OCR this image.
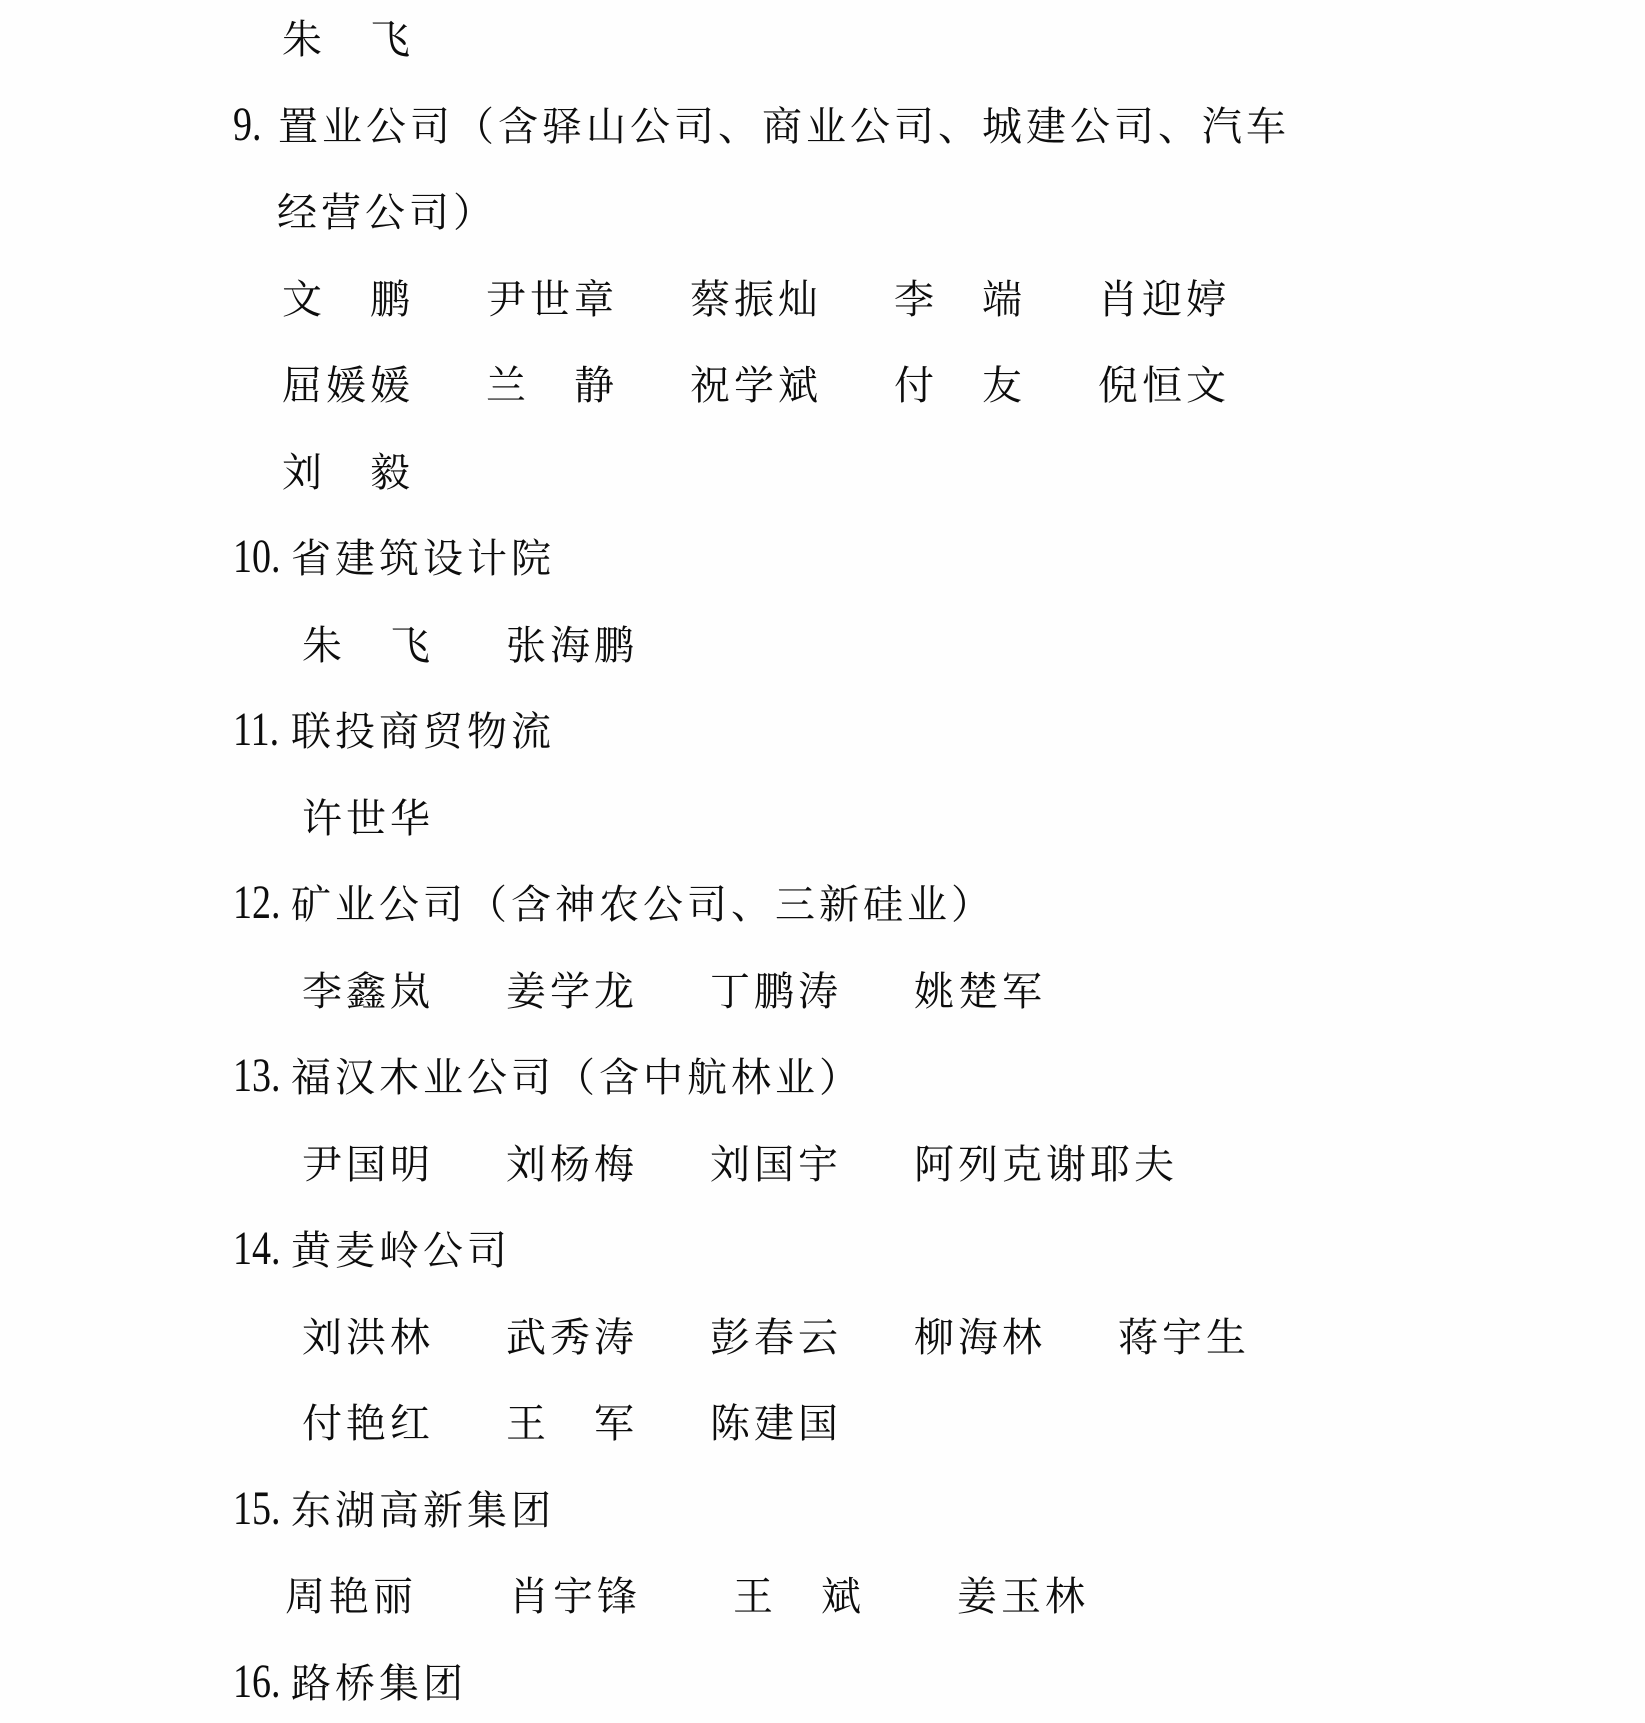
朱　飞
9. 置业公司（含驿山公司、商业公司、城建公司、汽车
经营公司）
文　鹏 尹世章 蔡振灿 李　端 肖迎婷
屈媛媛 兰　静 祝学斌 付　友 倪恒文
刘　毅
10. 省建筑设计院
朱　飞 张海鹏
11. 联投商贸物流
许世华
12. 矿业公司（含神农公司、三新硅业）
李鑫岚 姜学龙 丁鹏涛 姚楚军
13. 福汉木业公司（含中航林业）
尹国明 刘杨梅 刘国宇 阿列克谢耶夫
14. 黄麦岭公司
刘洪林 武秀涛 彭春云 柳海林 蒋宇生
付艳红 王　军 陈建国
15. 东湖高新集团
周艳丽 肖宇锋 王　斌 姜玉林
16. 路桥集团
